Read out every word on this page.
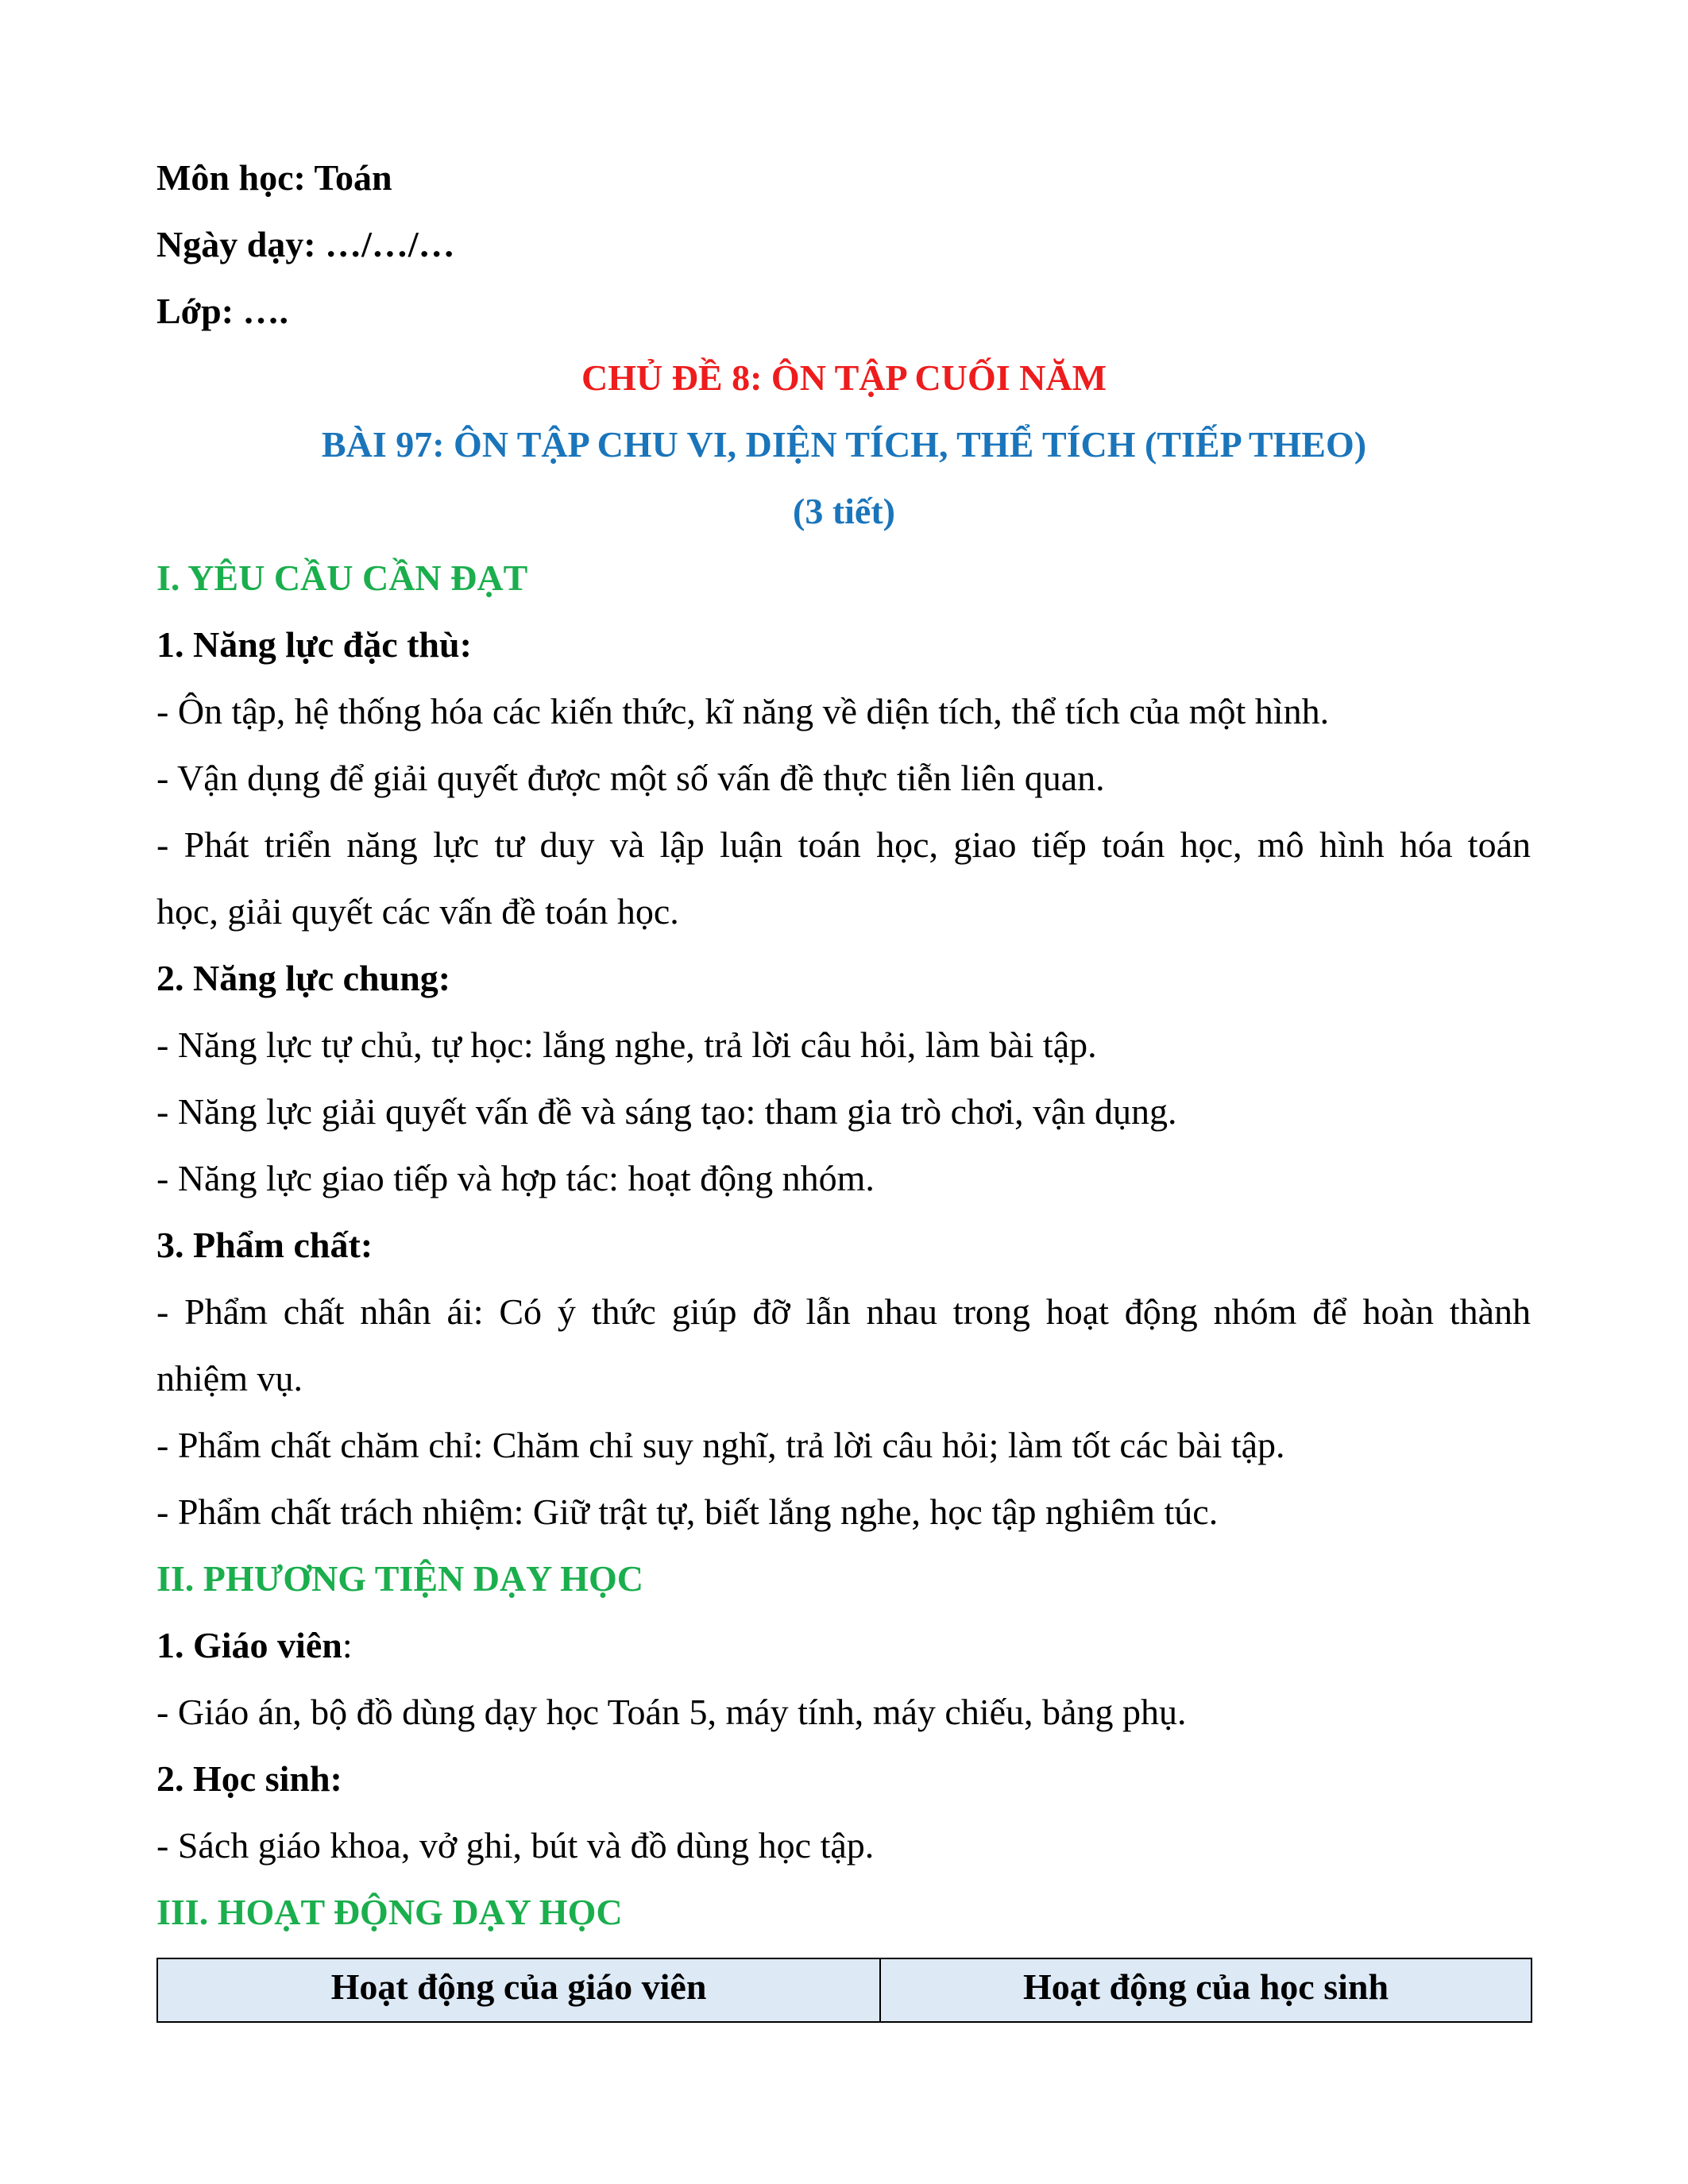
Môn học: Toán
Ngày dạy: …/…/…
Lớp: ….
CHỦ ĐỀ 8: ÔN TẬP CUỐI NĂM
BÀI 97: ÔN TẬP CHU VI, DIỆN TÍCH, THỂ TÍCH (TIẾP THEO)
(3 tiết)
I. YÊU CẦU CẦN ĐẠT
1. Năng lực đặc thù:
- Ôn tập, hệ thống hóa các kiến thức, kĩ năng về diện tích, thể tích của một hình.
- Vận dụng để giải quyết được một số vấn đề thực tiễn liên quan.
- Phát triển năng lực tư duy và lập luận toán học, giao tiếp toán học, mô hình hóa toán
học, giải quyết các vấn đề toán học.
2. Năng lực chung:
- Năng lực tự chủ, tự học: lắng nghe, trả lời câu hỏi, làm bài tập.
- Năng lực giải quyết vấn đề và sáng tạo: tham gia trò chơi, vận dụng.
- Năng lực giao tiếp và hợp tác: hoạt động nhóm.
3. Phẩm chất:
- Phẩm chất nhân ái: Có ý thức giúp đỡ lẫn nhau trong hoạt động nhóm để hoàn thành
nhiệm vụ.
- Phẩm chất chăm chỉ: Chăm chỉ suy nghĩ, trả lời câu hỏi; làm tốt các bài tập.
- Phẩm chất trách nhiệm: Giữ trật tự, biết lắng nghe, học tập nghiêm túc.
II. PHƯƠNG TIỆN DẠY HỌC
1. Giáo viên:
- Giáo án, bộ đồ dùng dạy học Toán 5, máy tính, máy chiếu, bảng phụ.
2. Học sinh:
- Sách giáo khoa, vở ghi, bút và đồ dùng học tập.
III. HOẠT ĐỘNG DẠY HỌC
Hoạt động của giáo viên	Hoạt động của học sinh
